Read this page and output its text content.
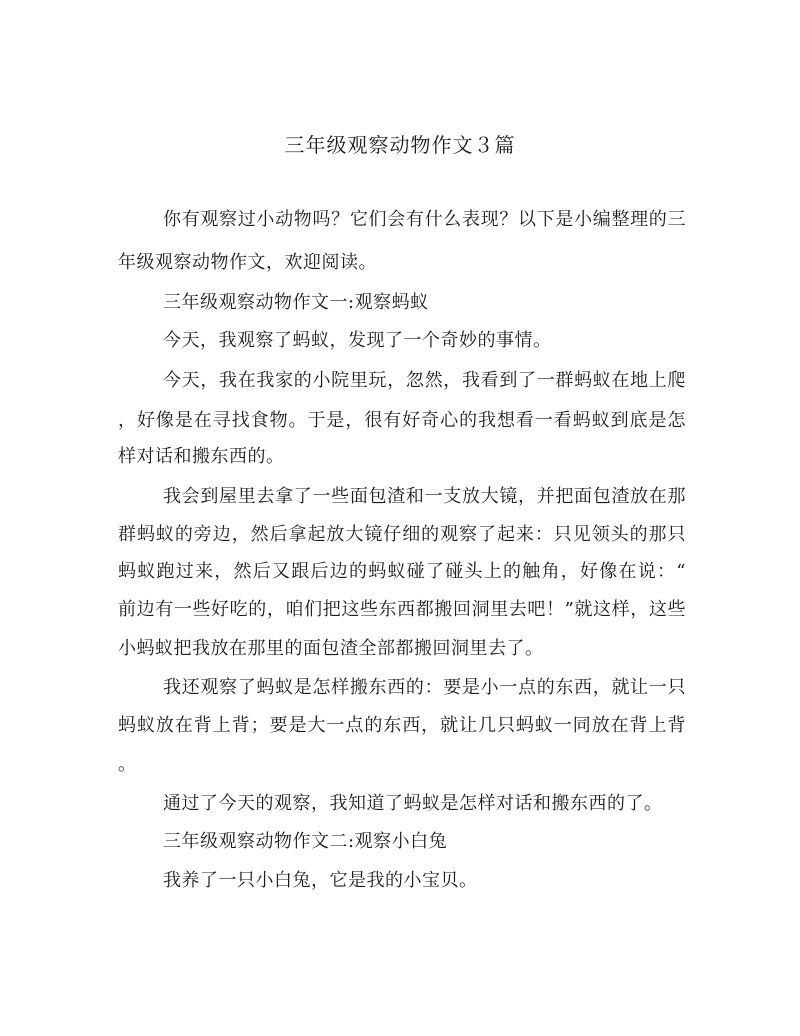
三年级观察动物作文３篇
你有观察过小动物吗？它们会有什么表现？以下是小编整理的三
年级观察动物作文，欢迎阅读。
三年级观察动物作文一:观察蚂蚁
今天，我观察了蚂蚁，发现了一个奇妙的事情。
今天，我在我家的小院里玩，忽然，我看到了一群蚂蚁在地上爬
，好像是在寻找食物。于是，很有好奇心的我想看一看蚂蚁到底是怎
样对话和搬东西的。
我会到屋里去拿了一些面包渣和一支放大镜，并把面包渣放在那
群蚂蚁的旁边，然后拿起放大镜仔细的观察了起来：只见领头的那只
蚂蚁跑过来，然后又跟后边的蚂蚁碰了碰头上的触角，好像在说：“
前边有一些好吃的，咱们把这些东西都搬回洞里去吧！”就这样，这些
小蚂蚁把我放在那里的面包渣全部都搬回洞里去了。
我还观察了蚂蚁是怎样搬东西的：要是小一点的东西，就让一只
蚂蚁放在背上背；要是大一点的东西，就让几只蚂蚁一同放在背上背
。
通过了今天的观察，我知道了蚂蚁是怎样对话和搬东西的了。
三年级观察动物作文二:观察小白兔
我养了一只小白兔，它是我的小宝贝。
